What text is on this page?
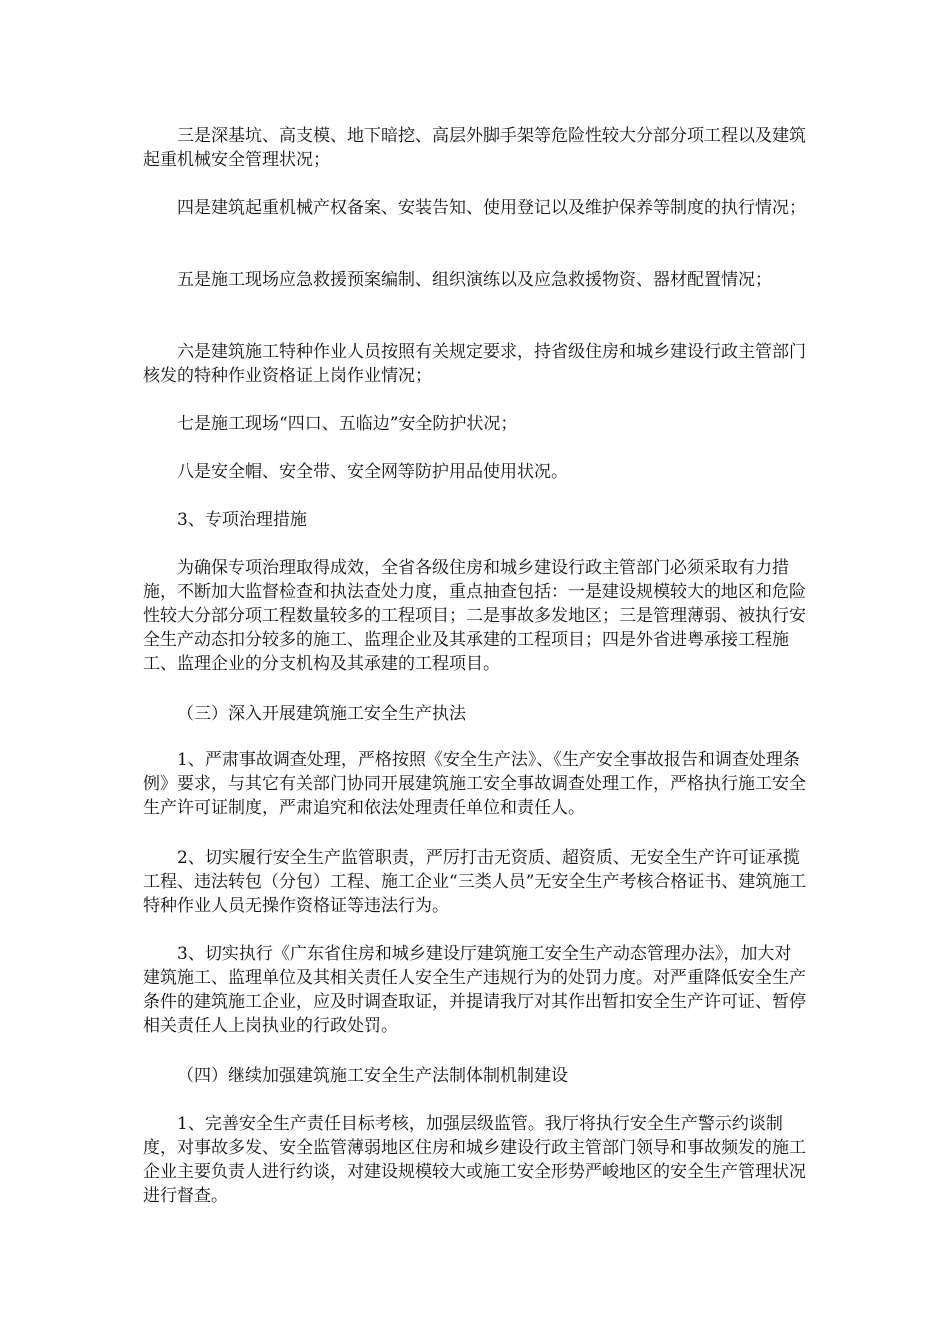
三是深基坑、高支模、地下暗挖、高层外脚手架等危险性较大分部分项工程以及建筑起重机械安全管理状况；

四是建筑起重机械产权备案、安装告知、使用登记以及维护保养等制度的执行情况；

五是施工现场应急救援预案编制、组织演练以及应急救援物资、器材配置情况；

六是建筑施工特种作业人员按照有关规定要求，持省级住房和城乡建设行政主管部门核发的特种作业资格证上岗作业情况；

七是施工现场“四口、五临边”安全防护状况；

八是安全帽、安全带、安全网等防护用品使用状况。

3、专项治理措施

为确保专项治理取得成效，全省各级住房和城乡建设行政主管部门必须采取有力措施，不断加大监督检查和执法查处力度，重点抽查包括：一是建设规模较大的地区和危险性较大分部分项工程数量较多的工程项目；二是事故多发地区；三是管理薄弱、被执行安全生产动态扣分较多的施工、监理企业及其承建的工程项目；四是外省进粤承接工程施工、监理企业的分支机构及其承建的工程项目。

（三）深入开展建筑施工安全生产执法

1、严肃事故调查处理，严格按照《安全生产法》、《生产安全事故报告和调查处理条例》要求，与其它有关部门协同开展建筑施工安全事故调查处理工作，严格执行施工安全生产许可证制度，严肃追究和依法处理责任单位和责任人。

2、切实履行安全生产监管职责，严厉打击无资质、超资质、无安全生产许可证承揽工程、违法转包（分包）工程、施工企业“三类人员”无安全生产考核合格证书、建筑施工特种作业人员无操作资格证等违法行为。

3、切实执行《广东省住房和城乡建设厅建筑施工安全生产动态管理办法》，加大对建筑施工、监理单位及其相关责任人安全生产违规行为的处罚力度。对严重降低安全生产条件的建筑施工企业，应及时调查取证，并提请我厅对其作出暂扣安全生产许可证、暂停相关责任人上岗执业的行政处罚。

（四）继续加强建筑施工安全生产法制体制机制建设

1、完善安全生产责任目标考核，加强层级监管。我厅将执行安全生产警示约谈制度，对事故多发、安全监管薄弱地区住房和城乡建设行政主管部门领导和事故频发的施工企业主要负责人进行约谈，对建设规模较大或施工安全形势严峻地区的安全生产管理状况进行督查。
